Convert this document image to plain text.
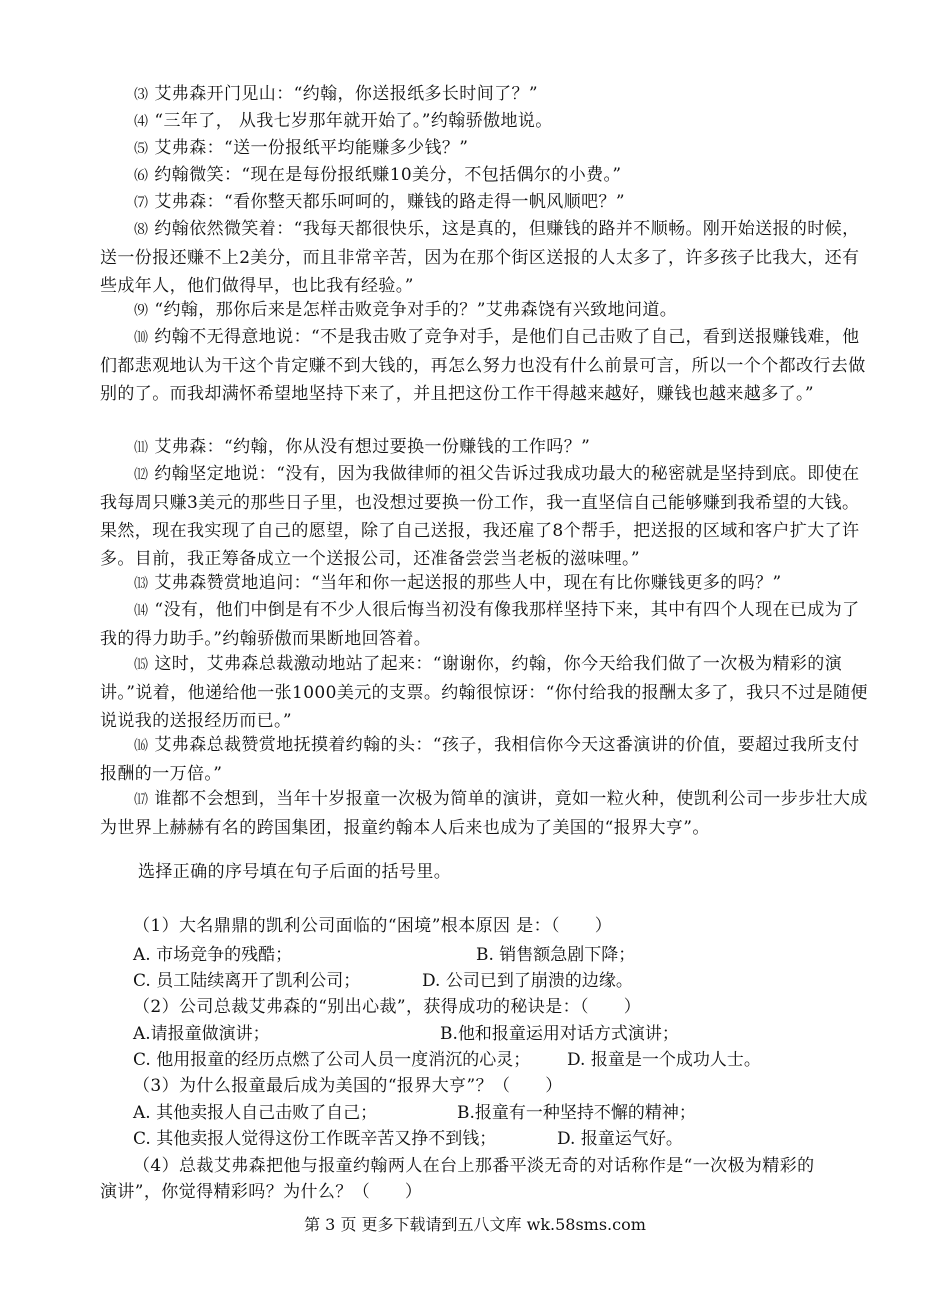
⑶ 艾弗森开门见山：“约翰，你送报纸多长时间了？”

⑷ “三年了， 从我七岁那年就开始了。”约翰骄傲地说。

⑸ 艾弗森：“送一份报纸平均能赚多少钱？”

⑹ 约翰微笑：“现在是每份报纸赚10美分，不包括偶尔的小费。”

⑺ 艾弗森：“看你整天都乐呵呵的，赚钱的路走得一帆风顺吧？”

⑻ 约翰依然微笑着：“我每天都很快乐，这是真的，但赚钱的路并不顺畅。刚开始送报的时候，送一份报还赚不上2美分，而且非常辛苦，因为在那个街区送报的人太多了，许多孩子比我大，还有些成年人，他们做得早，也比我有经验。”

⑼ “约翰，那你后来是怎样击败竞争对手的？”艾弗森饶有兴致地问道。

⑽ 约翰不无得意地说：“不是我击败了竞争对手，是他们自己击败了自己，看到送报赚钱难，他们都悲观地认为干这个肯定赚不到大钱的，再怎么努力也没有什么前景可言，所以一个个都改行去做别的了。而我却满怀希望地坚持下来了，并且把这份工作干得越来越好，赚钱也越来越多了。”

⑾ 艾弗森：“约翰，你从没有想过要换一份赚钱的工作吗？”

⑿ 约翰坚定地说：“没有，因为我做律师的祖父告诉过我成功最大的秘密就是坚持到底。即使在我每周只赚3美元的那些日子里，也没想过要换一份工作，我一直坚信自己能够赚到我希望的大钱。果然，现在我实现了自己的愿望，除了自己送报，我还雇了8个帮手，把送报的区域和客户扩大了许多。目前，我正筹备成立一个送报公司，还准备尝尝当老板的滋味哩。”

⒀ 艾弗森赞赏地追问：“当年和你一起送报的那些人中，现在有比你赚钱更多的吗？”

⒁ “没有，他们中倒是有不少人很后悔当初没有像我那样坚持下来，其中有四个人现在已成为了我的得力助手。”约翰骄傲而果断地回答着。

⒂ 这时，艾弗森总裁激动地站了起来：“谢谢你，约翰，你今天给我们做了一次极为精彩的演讲。”说着，他递给他一张1000美元的支票。约翰很惊讶：“你付给我的报酬太多了，我只不过是随便说说我的送报经历而已。”

⒃ 艾弗森总裁赞赏地抚摸着约翰的头：“孩子，我相信你今天这番演讲的价值，要超过我所支付报酬的一万倍。”

⒄ 谁都不会想到，当年十岁报童一次极为简单的演讲，竟如一粒火种，使凯利公司一步步壮大成为世界上赫赫有名的跨国集团，报童约翰本人后来也成为了美国的“报界大亨”。

选择正确的序号填在句子后面的括号里。

（1）大名鼎鼎的凯利公司面临的“困境”根本原因 是：（　　）

A. 市场竞争的残酷；	B. 销售额急剧下降；
C. 员工陆续离开了凯利公司；	D. 公司已到了崩溃的边缘。

（2）公司总裁艾弗森的“别出心裁”，获得成功的秘诀是：（　　）

A.请报童做演讲；	B.他和报童运用对话方式演讲；
C. 他用报童的经历点燃了公司人员一度消沉的心灵； D. 报童是一个成功人士。

（3）为什么报童最后成为美国的“报界大亨”？（　　）

A. 其他卖报人自己击败了自己；	B.报童有一种坚持不懈的精神；
C. 其他卖报人觉得这份工作既辛苦又挣不到钱；	D. 报童运气好。

（4）总裁艾弗森把他与报童约翰两人在台上那番平淡无奇的对话称作是“一次极为精彩的

演讲”，你觉得精彩吗？为什么？（　　）

第 3 页 更多下载请到五八文库 wk.58sms.com
